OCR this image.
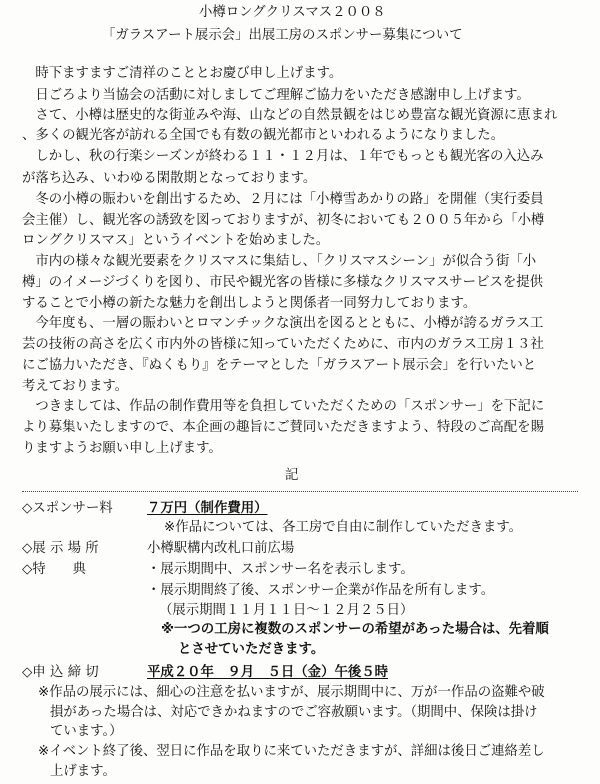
小樽ロングクリスマス２００８
「ガラスアート展示会」出展工房のスポンサー募集について
　時下ますますご清祥のこととお慶び申し上げます。
　日ごろより当協会の活動に対しましてご理解ご協力をいただき感謝申し上げます。
　さて、小樽は歴史的な街並みや海、山などの自然景観をはじめ豊富な観光資源に恵まれ
、多くの観光客が訪れる全国でも有数の観光都市といわれるようになりました。
　しかし、秋の行楽シーズンが終わる１１・１２月は、１年でもっとも観光客の入込み
が落ち込み、いわゆる閑散期となっております。
　冬の小樽の賑わいを創出するため、２月には「小樽雪あかりの路」を開催（実行委員
会主催）し、観光客の誘致を図っておりますが、初冬においても２００５年から「小樽
ロングクリスマス」というイベントを始めました。
　市内の様々な観光要素をクリスマスに集結し、「クリスマスシーン」が似合う街「小
樽」のイメージづくりを図り、市民や観光客の皆様に多様なクリスマスサービスを提供
することで小樽の新たな魅力を創出しようと関係者一同努力しております。
　今年度も、一層の賑わいとロマンチックな演出を図るとともに、小樽が誇るガラス工
芸の技術の高さを広く市内外の皆様に知っていただくために、市内のガラス工房１３社
にご協力いただき、『ぬくもり』をテーマとした「ガラスアート展示会」を行いたいと
考えております。
　つきましては、作品の制作費用等を負担していただくための「スポンサー」を下記に
より募集いたしますので、本企画の趣旨にご賛同いただきますよう、特段のご高配を賜
りますようお願い申し上げます。
記
◇スポンサー料	７万円（制作費用）
※作品については、各工房で自由に制作していただきます。
◇展 示 場 所	小樽駅構内改札口前広場
◇特　　典	・展示期間中、スポンサー名を表示します。
・展示期間終了後、スポンサー企業が作品を所有します。
（展示期間１１月１１日～１２月２５日）
※一つの工房に複数のスポンサーの希望があった場合は、先着順
とさせていただきます。
◇申 込 締 切	平成２０年　９月　５日（金）午後５時
※作品の展示には、細心の注意を払いますが、展示期間中に、万が一作品の盗難や破
損があった場合は、対応できかねますのでご容赦願います。（期間中、保険は掛け
ています。）
※イベント終了後、翌日に作品を取りに来ていただきますが、詳細は後日ご連絡差し
上げます。
